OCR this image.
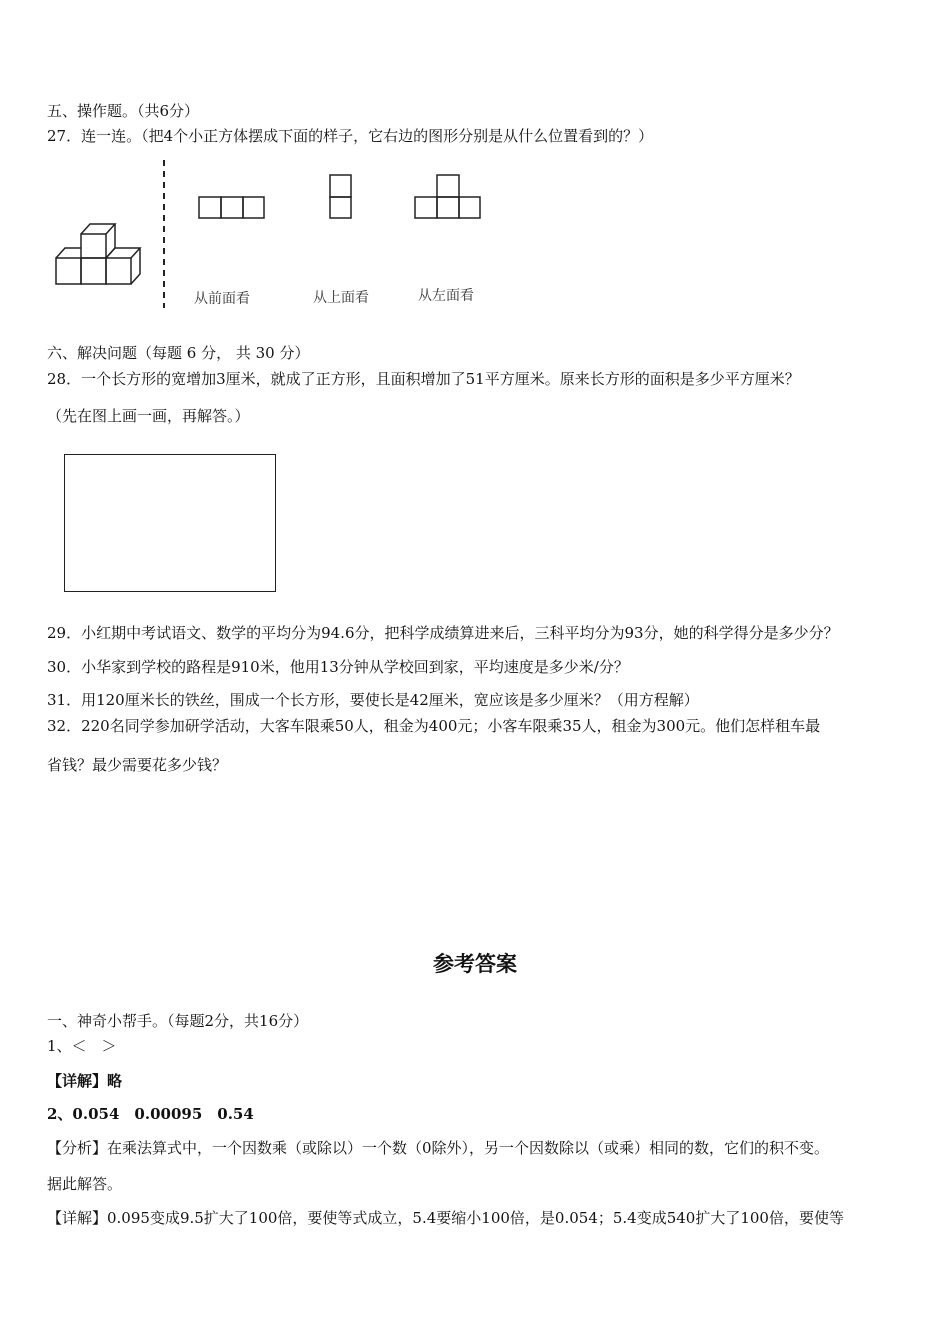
五、操作题。（共6分）
27．连一连。（把4个小正方体摆成下面的样子，它右边的图形分别是从什么位置看到的？）
从前面看	从上面看	从左面看
六、解决问题（每题 6 分， 共 30 分）
28．一个长方形的宽增加3厘米，就成了正方形，且面积增加了51平方厘米。原来长方形的面积是多少平方厘米？
（先在图上画一画，再解答。）
29．小红期中考试语文、数学的平均分为94.6分，把科学成绩算进来后，三科平均分为93分，她的科学得分是多少分？
30．小华家到学校的路程是910米，他用13分钟从学校回到家，平均速度是多少米/分？
31．用120厘米长的铁丝，围成一个长方形，要使长是42厘米，宽应该是多少厘米？（用方程解）
32．220名同学参加研学活动，大客车限乘50人，租金为400元；小客车限乘35人，租金为300元。他们怎样租车最
省钱？最少需要花多少钱？
参考答案
一、神奇小帮手。（每题2分，共16分）
1、＜　＞
【详解】略
2、0.054　0.00095　0.54
【分析】在乘法算式中，一个因数乘（或除以）一个数（0除外），另一个因数除以（或乘）相同的数，它们的积不变。
据此解答。
【详解】0.095变成9.5扩大了100倍，要使等式成立，5.4要缩小100倍，是0.054；5.4变成540扩大了100倍，要使等
